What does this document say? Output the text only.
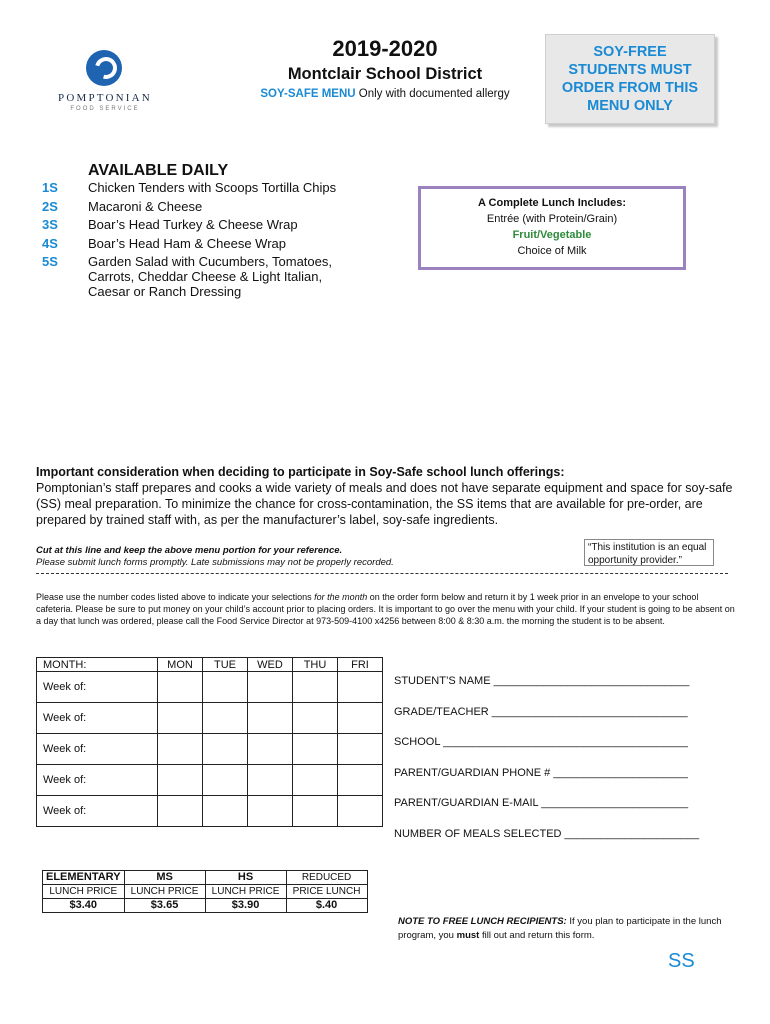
POMPTONIAN
FOOD SERVICE
2019-2020
Montclair School District
SOY-SAFE MENU Only with documented allergy
SOY-FREE
STUDENTS MUST
ORDER FROM THIS
MENU ONLY
AVAILABLE DAILY
1S	Chicken Tenders with Scoops Tortilla Chips
2S	Macaroni & Cheese
3S	Boar’s Head Turkey & Cheese Wrap
4S	Boar’s Head Ham & Cheese Wrap
5S	Garden Salad with Cucumbers, Tomatoes, Carrots, Cheddar Cheese & Light Italian, Caesar or Ranch Dressing
A Complete Lunch Includes:
Entrée (with Protein/Grain)
Fruit/Vegetable
Choice of Milk
Important consideration when deciding to participate in Soy-Safe school lunch offerings:
Pomptonian’s staff prepares and cooks a wide variety of meals and does not have separate equipment and space for soy-safe (SS) meal preparation. To minimize the chance for cross-contamination, the SS items that are available for pre-order, are prepared by trained staff with, as per the manufacturer’s label, soy-safe ingredients.
Cut at this line and keep the above menu portion for your reference.
Please submit lunch forms promptly. Late submissions may not be properly recorded.
“This institution is an equal opportunity provider.”
Please use the number codes listed above to indicate your selections for the month on the order form below and return it by 1 week prior in an envelope to your school cafeteria. Please be sure to put money on your child’s account prior to placing orders. It is important to go over the menu with your child. If your student is going to be absent on a day that lunch was ordered, please call the Food Service Director at 973-509-4100 x4256 between 8:00 & 8:30 a.m. the morning the student is to be absent.
MONTH:	MON	TUE	WED	THU	FRI
Week of:					
Week of:					
Week of:					
Week of:					
Week of:					
STUDENT’S NAME ________________________________
GRADE/TEACHER ________________________________
SCHOOL ________________________________________
PARENT/GUARDIAN PHONE # ______________________
PARENT/GUARDIAN E-MAIL ________________________
NUMBER OF MEALS SELECTED ______________________
ELEMENTARY	MS	HS	REDUCED
LUNCH PRICE	LUNCH PRICE	LUNCH PRICE	PRICE LUNCH
$3.40	$3.65	$3.90	$.40
NOTE TO FREE LUNCH RECIPIENTS: If you plan to participate in the lunch program, you must fill out and return this form.
SS
